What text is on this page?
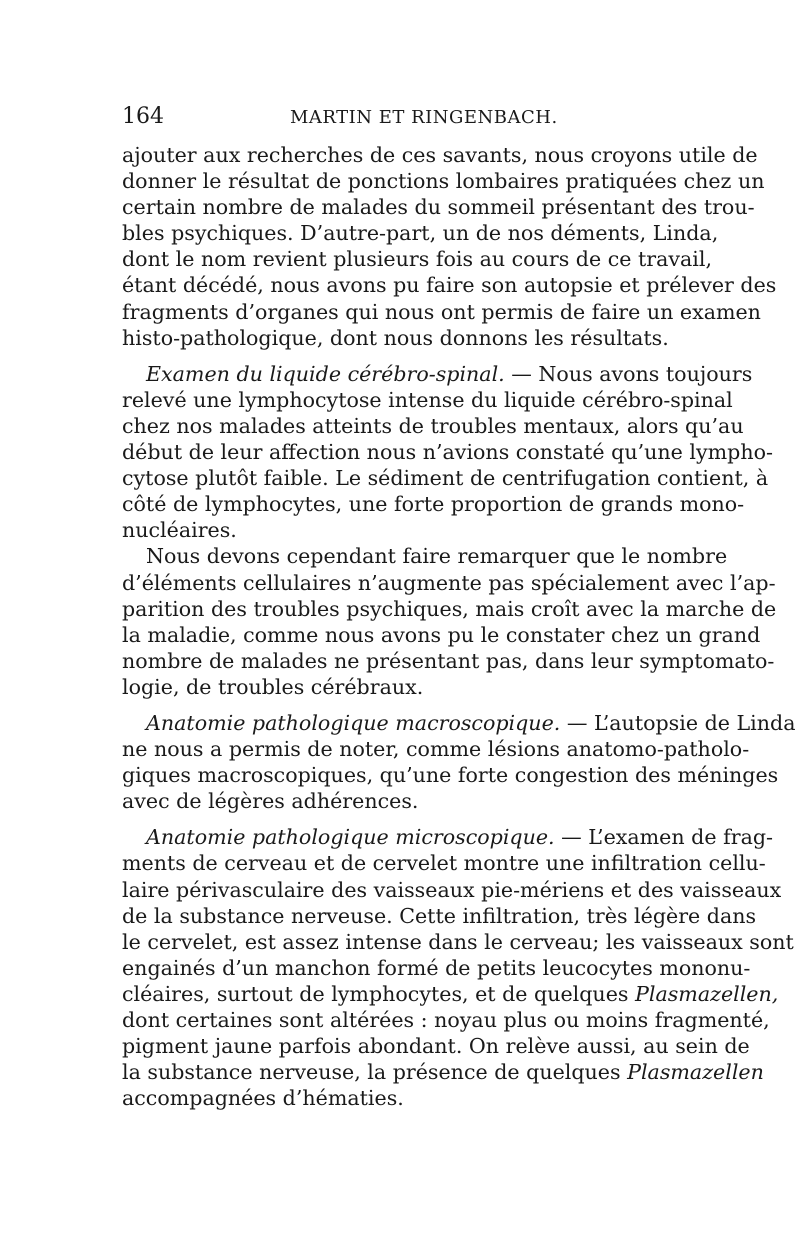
164	MARTIN ET RINGENBACH.
ajouter aux recherches de ces savants, nous croyons utile de
donner le résultat de ponctions lombaires pratiquées chez un
certain nombre de malades du sommeil présentant des trou-
bles psychiques. D’autre-part, un de nos déments, Linda,
dont le nom revient plusieurs fois au cours de ce travail,
étant décédé, nous avons pu faire son autopsie et prélever des
fragments d’organes qui nous ont permis de faire un examen
histo-pathologique, dont nous donnons les résultats.
Examen du liquide cérébro-spinal. — Nous avons toujours
relevé une lymphocytose intense du liquide cérébro-spinal
chez nos malades atteints de troubles mentaux, alors qu’au
début de leur affection nous n’avions constaté qu’une lympho-
cytose plutôt faible. Le sédiment de centrifugation contient, à
côté de lymphocytes, une forte proportion de grands mono-
nucléaires.
Nous devons cependant faire remarquer que le nombre
d’éléments cellulaires n’augmente pas spécialement avec l’ap-
parition des troubles psychiques, mais croît avec la marche de
la maladie, comme nous avons pu le constater chez un grand
nombre de malades ne présentant pas, dans leur symptomato-
logie, de troubles cérébraux.
Anatomie pathologique macroscopique. — L’autopsie de Linda
ne nous a permis de noter, comme lésions anatomo-patholo-
giques macroscopiques, qu’une forte congestion des méninges
avec de légères adhérences.
Anatomie pathologique microscopique. — L’examen de frag-
ments de cerveau et de cervelet montre une infiltration cellu-
laire périvasculaire des vaisseaux pie-mériens et des vaisseaux
de la substance nerveuse. Cette infiltration, très légère dans
le cervelet, est assez intense dans le cerveau; les vaisseaux sont
engainés d’un manchon formé de petits leucocytes mononu-
cléaires, surtout de lymphocytes, et de quelques Plasmazellen,
dont certaines sont altérées : noyau plus ou moins fragmenté,
pigment jaune parfois abondant. On relève aussi, au sein de
la substance nerveuse, la présence de quelques Plasmazellen
accompagnées d’hématies.
